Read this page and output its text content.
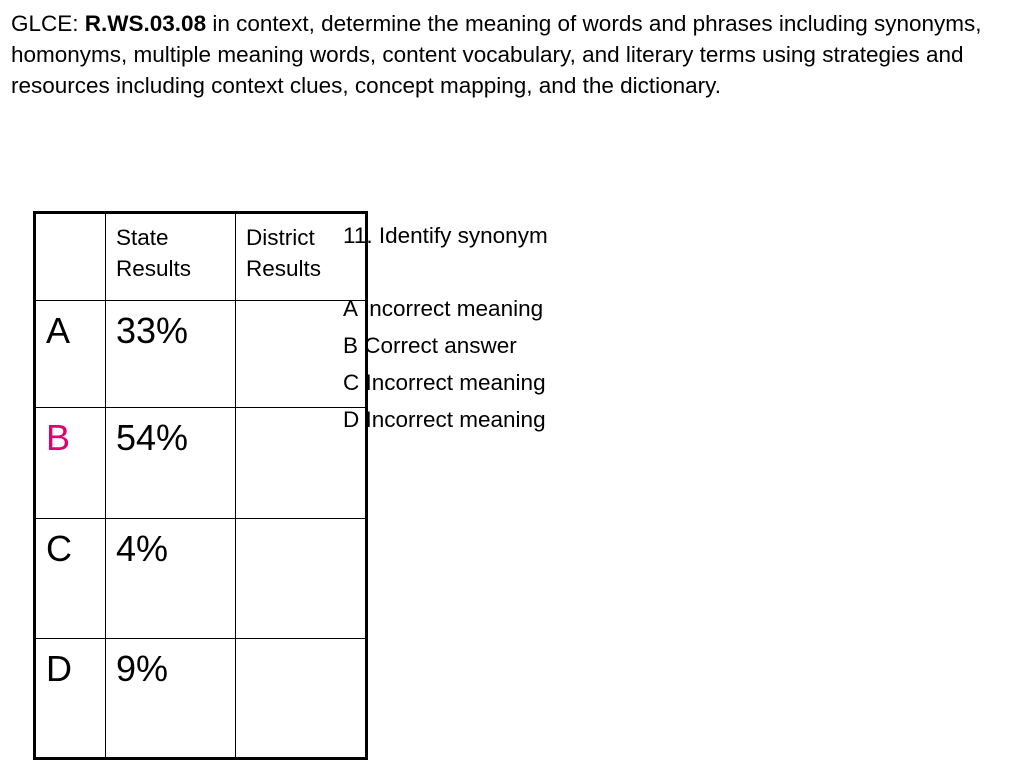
GLCE: R.WS.03.08 in context, determine the meaning of words and phrases including synonyms, homonyms, multiple meaning words, content vocabulary, and literary terms using strategies and resources including context clues, concept mapping, and the dictionary.
	State Results	District Results
A	33%	
B	54%	
C	4%	
D	9%	
11. Identify synonym
A Incorrect meaning
B Correct answer
C Incorrect meaning
D Incorrect meaning
